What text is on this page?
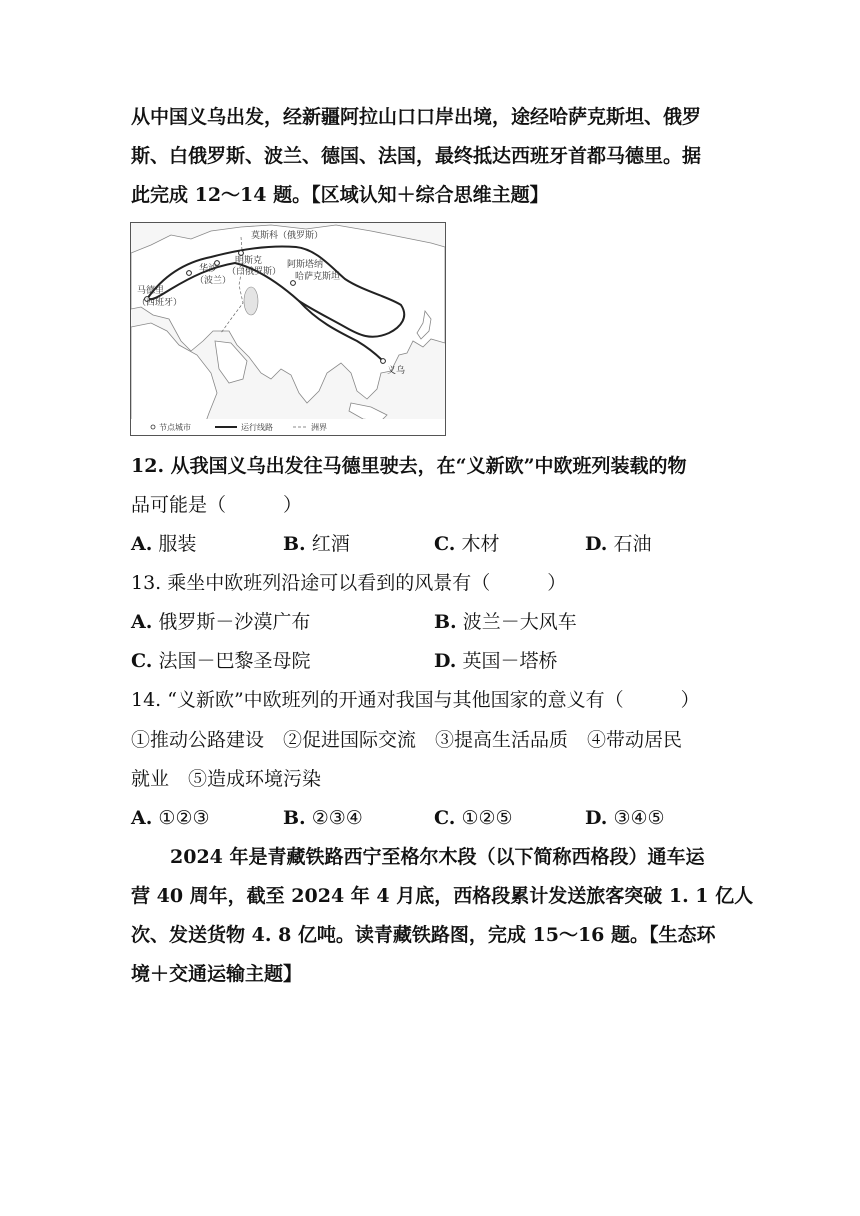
从中国义乌出发，经新疆阿拉山口口岸出境，途经哈萨克斯坦、俄罗
斯、白俄罗斯、波兰、德国、法国，最终抵达西班牙首都马德里。据
此完成 12～14 题。【区域认知＋综合思维主题】
莫斯科（俄罗斯）
明斯克
（白俄罗斯）
华沙
（波兰）
阿斯塔纳
哈萨克斯坦
马德里
（西班牙）
义乌
节点城市	运行线路	洲界
12. 从我国义乌出发往马德里驶去，在“义新欧”中欧班列装载的物
品可能是（　　　）
A. 服装	B. 红酒	C. 木材	D. 石油
13. 乘坐中欧班列沿途可以看到的风景有（　　　）
A. 俄罗斯－沙漠广布	B. 波兰－大风车
C. 法国－巴黎圣母院	D. 英国－塔桥
14. “义新欧”中欧班列的开通对我国与其他国家的意义有（　　　）
①推动公路建设　②促进国际交流　③提高生活品质　④带动居民
就业　⑤造成环境污染
A. ①②③	B. ②③④	C. ①②⑤	D. ③④⑤
2024 年是青藏铁路西宁至格尔木段（以下简称西格段）通车运
营 40 周年，截至 2024 年 4 月底，西格段累计发送旅客突破 1. 1 亿人
次、发送货物 4. 8 亿吨。读青藏铁路图，完成 15～16 题。【生态环
境＋交通运输主题】
